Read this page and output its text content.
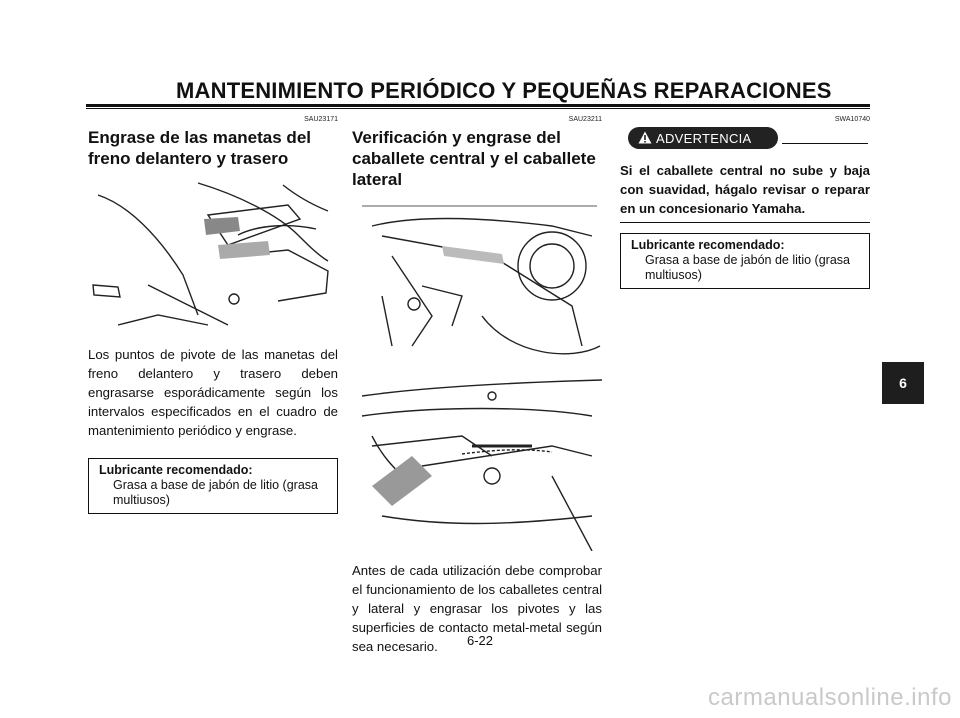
MANTENIMIENTO PERIÓDICO Y PEQUEÑAS REPARACIONES
SAU23171
Engrase de las manetas del freno delantero y trasero

Los puntos de pivote de las manetas del freno delantero y trasero deben engrasarse esporádicamente según los intervalos especificados en el cuadro de mantenimiento periódico y engrase.

Lubricante recomendado:
Grasa a base de jabón de litio (grasa multiusos)
SAU23211
Verificación y engrase del caballete central y el caballete lateral

Antes de cada utilización debe comprobar el funcionamiento de los caballetes central y lateral y engrasar los pivotes y las superficies de contacto metal-metal según sea necesario.

SWA10740
ADVERTENCIA

Si el caballete central no sube y baja con suavidad, hágalo revisar o reparar en un concesionario Yamaha.

Lubricante recomendado:
Grasa a base de jabón de litio (grasa multiusos)
6
6-22
carmanualsonline.info
